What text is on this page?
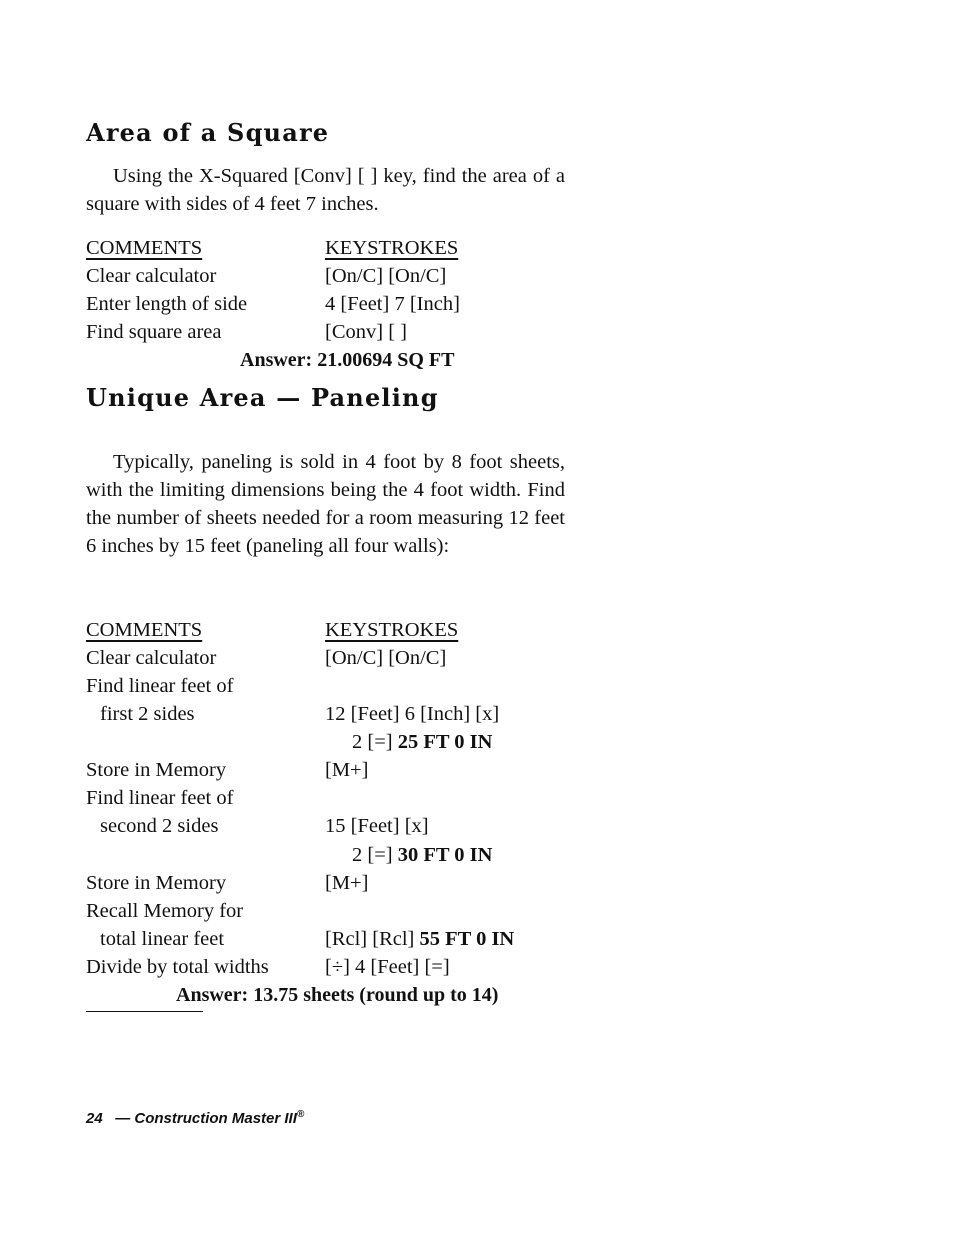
Area of a Square
Using the X-Squared [Conv] [ ] key, find the area of a square with sides of 4 feet 7 inches.
COMMENTS	KEYSTROKES
Clear calculator	[On/C] [On/C]
Enter length of side	4 [Feet] 7 [Inch]
Find square area	[Conv] [ ]
Answer: 21.00694 SQ FT
Unique Area — Paneling
Typically, paneling is sold in 4 foot by 8 foot sheets, with the limiting dimensions being the 4 foot width. Find the number of sheets needed for a room measuring 12 feet 6 inches by 15 feet (paneling all four walls):
COMMENTS	KEYSTROKES
Clear calculator	[On/C] [On/C]
Find linear feet of
first 2 sides	12 [Feet] 6 [Inch] [x]
2 [=] 25 FT 0 IN
Store in Memory	[M+]
Find linear feet of
second 2 sides	15 [Feet] [x]
2 [=] 30 FT 0 IN
Store in Memory	[M+]
Recall Memory for
total linear feet	[Rcl] [Rcl] 55 FT 0 IN
Divide by total widths	[÷] 4 [Feet] [=]
Answer: 13.75 sheets (round up to 14)
24 — Construction Master III®
